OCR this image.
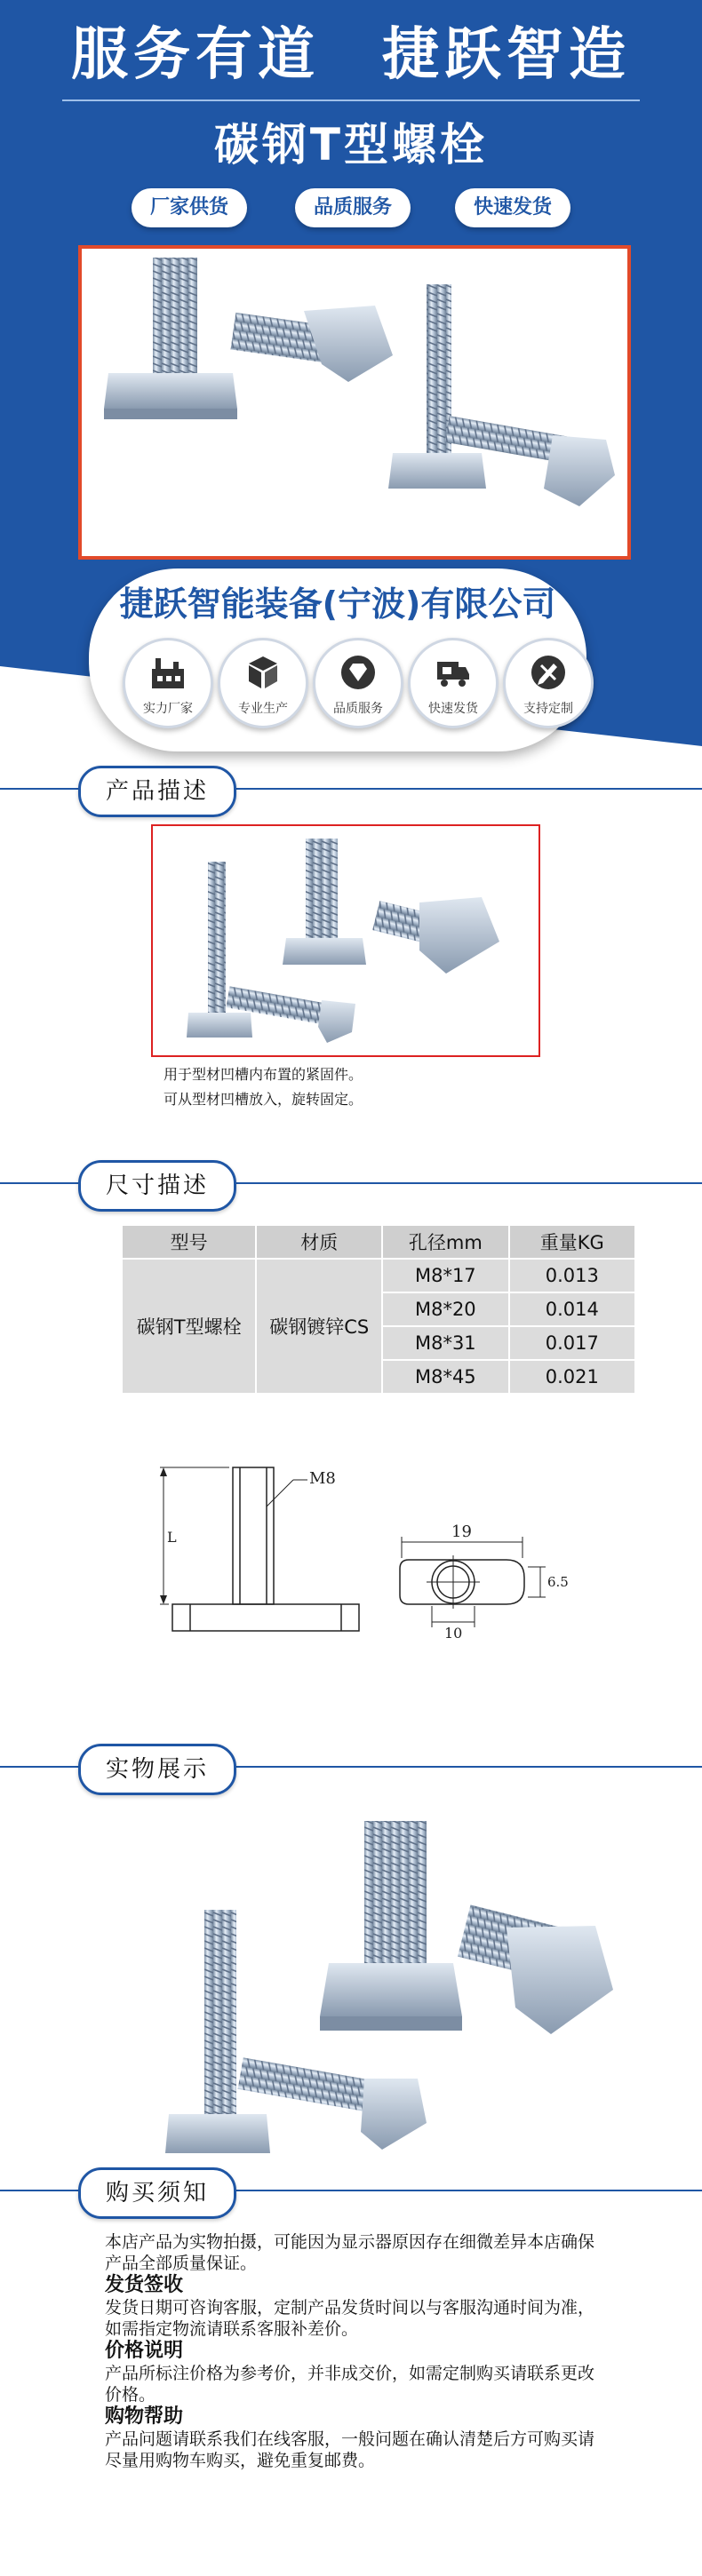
服务有道　捷跃智造
碳钢T型螺栓
厂家供货	品质服务	快速发货
捷跃智能装备(宁波)有限公司
实力厂家	专业生产	品质服务	快速发货	支持定制
产品描述
用于型材凹槽内布置的紧固件。
可从型材凹槽放入，旋转固定。
尺寸描述
型号	材质	孔径mm	重量KG
碳钢T型螺栓	碳钢镀锌CS	M8*17	0.013
		M8*20	0.014
		M8*31	0.017
		M8*45	0.021
M8
L	19
10
6.5
实物展示
购买须知
本店产品为实物拍摄，可能因为显示器原因存在细微差异本店确保产品全部质量保证。
发货签收
发货日期可咨询客服，定制产品发货时间以与客服沟通时间为准，如需指定物流请联系客服补差价。
价格说明
产品所标注价格为参考价，并非成交价，如需定制购买请联系更改价格。
购物帮助
产品问题请联系我们在线客服，一般问题在确认清楚后方可购买请尽量用购物车购买，避免重复邮费。
